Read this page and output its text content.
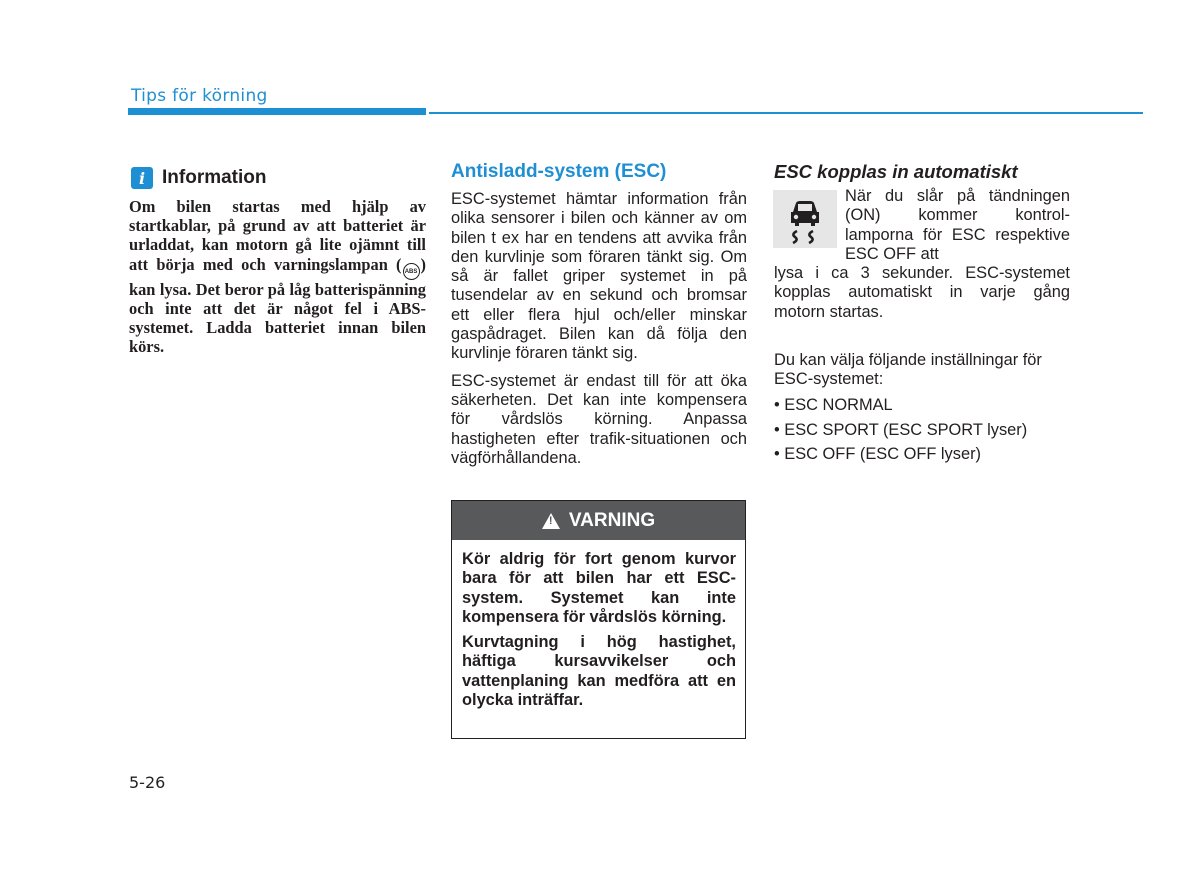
Tips för körning
i Information
Om bilen startas med hjälp av startkablar, på grund av att batteriet är urladdat, kan motorn gå lite ojämnt till att börja med och varningslampan ( ABS ) kan lysa. Det beror på låg batterispänning och inte att det är något fel i ABS-systemet. Ladda batteriet innan bilen körs.
Antisladd-system (ESC)

ESC-systemet hämtar information från olika sensorer i bilen och känner av om bilen t ex har en tendens att avvika från den kurvlinje som föraren tänkt sig. Om så är fallet griper systemet in på tusendelar av en sekund och bromsar ett eller flera hjul och/eller minskar gaspådraget. Bilen kan då följa den kurvlinje föraren tänkt sig.

ESC-systemet är endast till för att öka säkerheten. Det kan inte kompensera för vårdslös körning. Anpassa hastigheten efter trafik-situationen och vägförhållandena.

! VARNING

Kör aldrig för fort genom kurvor bara för att bilen har ett ESC-system. Systemet kan inte kompensera för vårdslös körning.

Kurvtagning i hög hastighet, häftiga kursavvikelser och vattenplaning kan medföra att en olycka inträffar.

ESC kopplas in automatiskt
När du slår på tändningen (ON) kommer kontrol-lamporna för ESC respektive ESC OFF att
lysa i ca 3 sekunder. ESC-systemet kopplas automatiskt in varje gång motorn startas.
Du kan välja följande inställningar för ESC-systemet:
• ESC NORMAL
• ESC SPORT (ESC SPORT lyser)
• ESC OFF (ESC OFF lyser)
5-26
